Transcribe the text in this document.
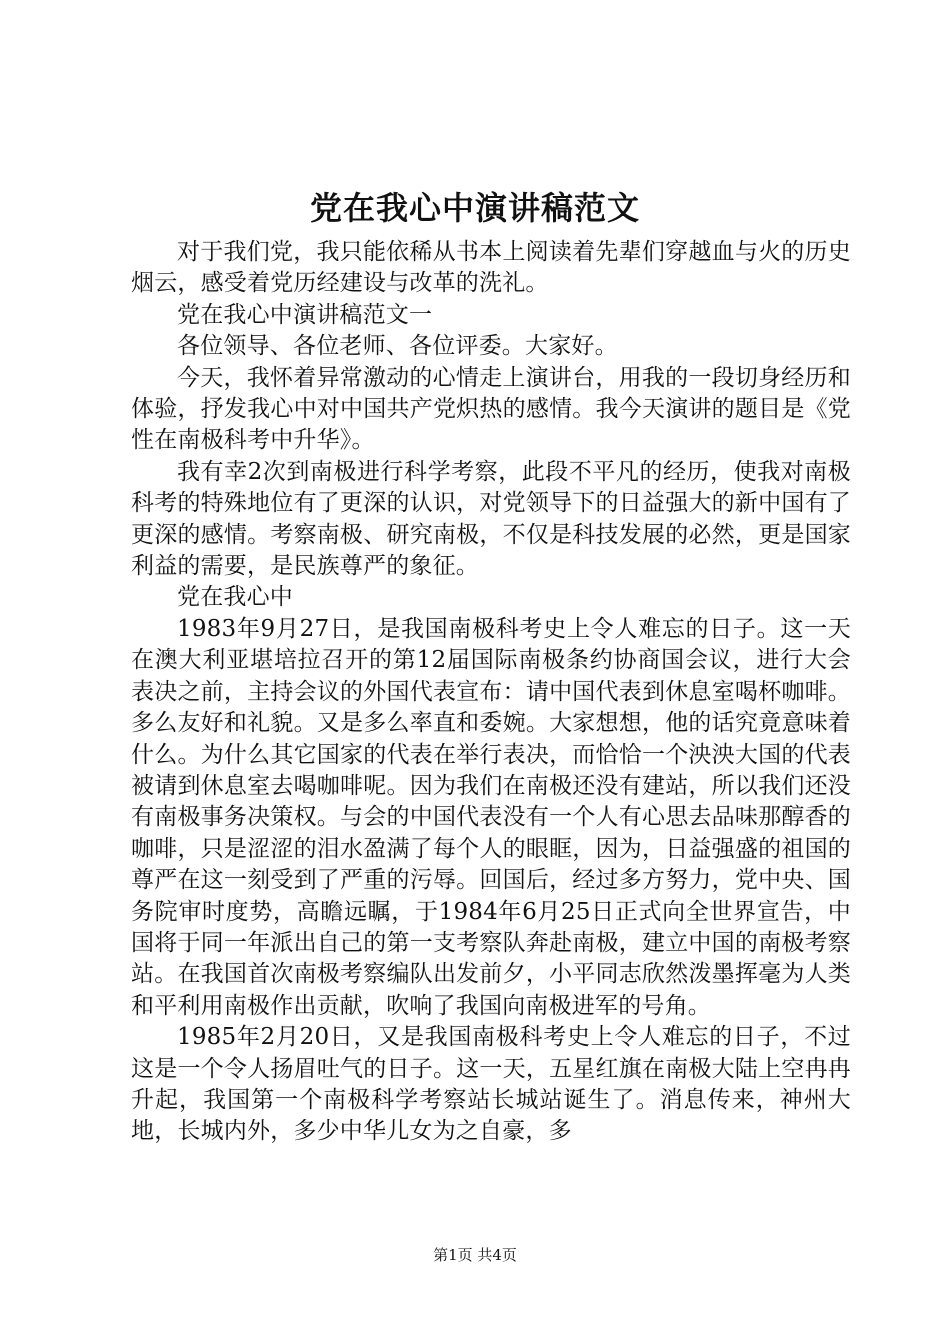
党在我心中演讲稿范文

对于我们党，我只能依稀从书本上阅读着先辈们穿越血与火的历史烟云，感受着党历经建设与改革的洗礼。

党在我心中演讲稿范文一

各位领导、各位老师、各位评委。大家好。

今天，我怀着异常激动的心情走上演讲台，用我的一段切身经历和体验，抒发我心中对中国共产党炽热的感情。我今天演讲的题目是《党性在南极科考中升华》。

我有幸2次到南极进行科学考察，此段不平凡的经历，使我对南极科考的特殊地位有了更深的认识，对党领导下的日益强大的新中国有了更深的感情。考察南极、研究南极，不仅是科技发展的必然，更是国家利益的需要，是民族尊严的象征。

党在我心中

1983年9月27日，是我国南极科考史上令人难忘的日子。这一天在澳大利亚堪培拉召开的第12届国际南极条约协商国会议，进行大会表决之前，主持会议的外国代表宣布：请中国代表到休息室喝杯咖啡。多么友好和礼貌。又是多么率直和委婉。大家想想，他的话究竟意味着什么。为什么其它国家的代表在举行表决，而恰恰一个泱泱大国的代表被请到休息室去喝咖啡呢。因为我们在南极还没有建站，所以我们还没有南极事务决策权。与会的中国代表没有一个人有心思去品味那醇香的咖啡，只是涩涩的泪水盈满了每个人的眼眶，因为，日益强盛的祖国的尊严在这一刻受到了严重的污辱。回国后，经过多方努力，党中央、国务院审时度势，高瞻远瞩，于1984年6月25日正式向全世界宣告，中国将于同一年派出自己的第一支考察队奔赴南极，建立中国的南极考察站。在我国首次南极考察编队出发前夕，小平同志欣然泼墨挥毫为人类和平利用南极作出贡献，吹响了我国向南极进军的号角。

1985年2月20日，又是我国南极科考史上令人难忘的日子，不过这是一个令人扬眉吐气的日子。这一天，五星红旗在南极大陆上空冉冉升起，我国第一个南极科学考察站长城站诞生了。消息传来，神州大地，长城内外，多少中华儿女为之自豪，多

第1页 共4页
